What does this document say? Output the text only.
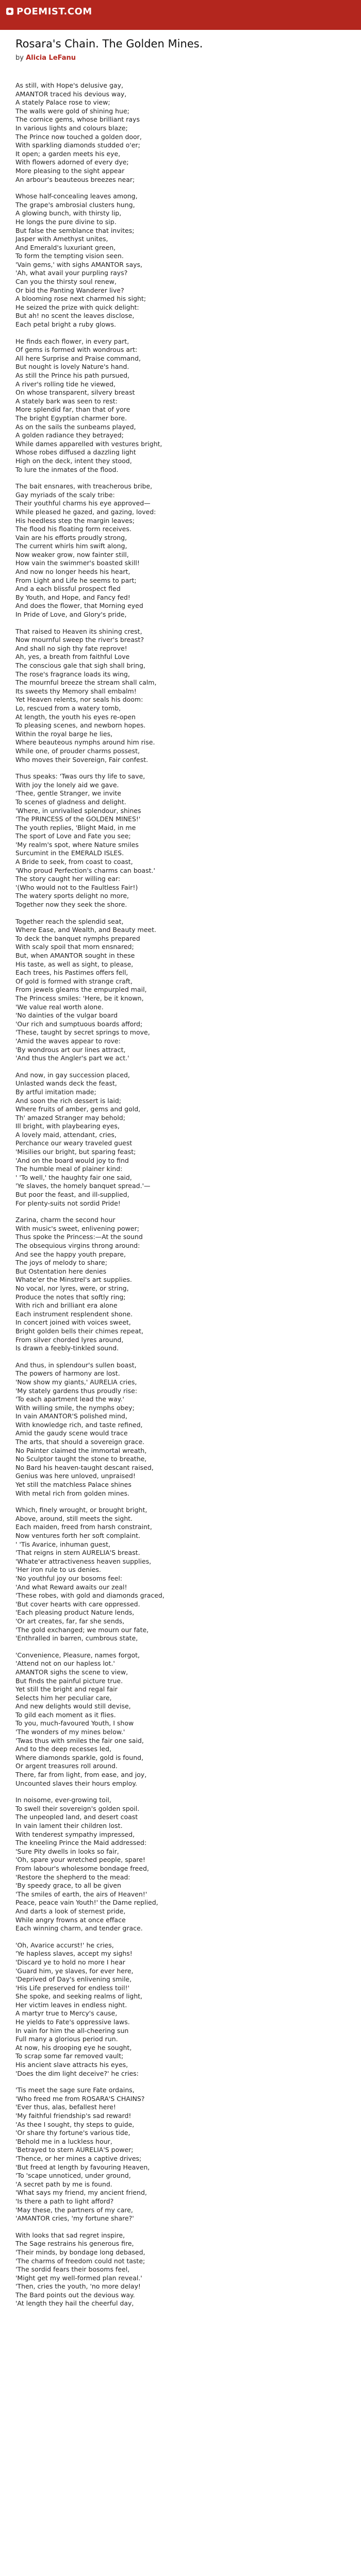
POEMIST.COM
Rosara's Chain. The Golden Mines.
by Alicia LeFanu
As still, with Hope's delusive gay,
AMANTOR traced his devious way,
A stately Palace rose to view;
The walls were gold of shining hue;
The cornice gems, whose brilliant rays
In various lights and colours blaze;
The Prince now touched a golden door,
With sparkling diamonds studded o'er;
It open; a garden meets his eye,
With flowers adorned of every dye;
More pleasing to the sight appear
An arbour's beauteous breezes near;
Whose half-concealing leaves among,
The grape's ambrosial clusters hung,
A glowing bunch, with thirsty lip,
He longs the pure divine to sip.
But false the semblance that invites;
Jasper with Amethyst unites,
And Emerald's luxuriant green,
To form the tempting vision seen.
'Vain gems,' with sighs AMANTOR says,
'Ah, what avail your purpling rays?
Can you the thirsty soul renew,
Or bid the Panting Wanderer live?
A blooming rose next charmed his sight;
He seized the prize with quick delight:
But ah! no scent the leaves disclose,
Each petal bright a ruby glows.
He finds each flower, in every part,
Of gems is formed with wondrous art:
All here Surprise and Praise command,
But nought is lovely Nature's hand.
As still the Prince his path pursued,
A river's rolling tide he viewed,
On whose transparent, silvery breast
A stately bark was seen to rest:
More splendid far, than that of yore
The bright Egyptian charmer bore.
As on the sails the sunbeams played,
A golden radiance they betrayed;
While dames apparelled with vestures bright,
Whose robes diffused a dazzling light
High on the deck, intent they stood,
To lure the inmates of the flood.
The bait ensnares, with treacherous bribe,
Gay myriads of the scaly tribe:
Their youthful charms his eye approved—
While pleased he gazed, and gazing, loved:
His heedless step the margin leaves;
The flood his floating form receives.
Vain are his efforts proudly strong,
The current whirls him swift along,
Now weaker grow, now fainter still,
How vain the swimmer's boasted skill!
And now no longer heeds his heart,
From Light and Life he seems to part;
And a each blissful prospect fled
By Youth, and Hope, and Fancy fed!
And does the flower, that Morning eyed
In Pride of Love, and Glory's pride,
That raised to Heaven its shining crest,
Now mournful sweep the river's breast?
And shall no sigh thy fate reprove!
Ah, yes, a breath from faithful Love
The conscious gale that sigh shall bring,
The rose's fragrance loads its wing,
The mournful breeze the stream shall calm,
Its sweets thy Memory shall embalm!
Yet Heaven relents, nor seals his doom:
Lo, rescued from a watery tomb,
At length, the youth his eyes re-open
To pleasing scenes, and newborn hopes.
Within the royal barge he lies,
Where beauteous nymphs around him rise.
While one, of prouder charms possest,
Who moves their Sovereign, Fair confest.
Thus speaks: 'Twas ours thy life to save,
With joy the lonely aid we gave.
'Thee, gentle Stranger, we invite
To scenes of gladness and delight.
'Where, in unrivalled splendour, shines
'The PRINCESS of the GOLDEN MINES!'
The youth replies, 'Blight Maid, in me
The sport of Love and Fate you see;
'My realm's spot, where Nature smiles
Surcumint in the EMERALD ISLES.
A Bride to seek, from coast to coast,
'Who proud Perfection's charms can boast.'
The story caught her willing ear:
'(Who would not to the Faultless Fair!)
The watery sports delight no more,
Together now they seek the shore.
Together reach the splendid seat,
Where Ease, and Wealth, and Beauty meet.
To deck the banquet nymphs prepared
With scaly spoil that morn ensnared;
But, when AMANTOR sought in these
His taste, as well as sight, to please,
Each trees, his Pastimes offers fell,
Of gold is formed with strange craft,
From jewels gleams the empurpled mail,
The Princess smiles: 'Here, be it known,
'We value real worth alone.
'No dainties of the vulgar board
'Our rich and sumptuous boards afford;
'These, taught by secret springs to move,
'Amid the waves appear to rove:
'By wondrous art our lines attract,
'And thus the Angler's part we act.'
And now, in gay succession placed,
Unlasted wands deck the feast,
By artful imitation made;
And soon the rich dessert is laid;
Where fruits of amber, gems and gold,
Th' amazed Stranger may behold;
Ill bright, with playbearing eyes,
A lovely maid, attendant, cries,
Perchance our weary traveled guest
'Misilies our bright, but sparing feast;
'And on the board would joy to find
The humble meal of plainer kind:
' 'To well,' the haughty fair one said,
'Ye slaves, the homely banquet spread.'—
But poor the feast, and ill-supplied,
For plenty-suits not sordid Pride!
Zarina, charm the second hour
With music's sweet, enlivening power;
Thus spoke the Princess:—At the sound
The obsequious virgins throng around:
And see the happy youth prepare,
The joys of melody to share;
But Ostentation here denies
Whate'er the Minstrel's art supplies.
No vocal, nor lyres, were, or string,
Produce the notes that softly ring;
With rich and brilliant era alone
Each instrument resplendent shone.
In concert joined with voices sweet,
Bright golden bells their chimes repeat,
From silver chorded lyres around,
Is drawn a feebly-tinkled sound.
And thus, in splendour's sullen boast,
The powers of harmony are lost.
'Now show my giants,' AURELIA cries,
'My stately gardens thus proudly rise:
'To each apartment lead the way.'
With willing smile, the nymphs obey;
In vain AMANTOR'S polished mind,
With knowledge rich, and taste refined,
Amid the gaudy scene would trace
The arts, that should a sovereign grace.
No Painter claimed the immortal wreath,
No Sculptor taught the stone to breathe,
No Bard his heaven-taught descant raised,
Genius was here unloved, unpraised!
Yet still the matchless Palace shines
With metal rich from golden mines.
Which, finely wrought, or brought bright,
Above, around, still meets the sight.
Each maiden, freed from harsh constraint,
Now ventures forth her soft complaint.
' 'Tis Avarice, inhuman guest,
'That reigns in stern AURELIA'S breast.
'Whate'er attractiveness heaven supplies,
'Her iron rule to us denies.
'No youthful joy our bosoms feel:
'And what Reward awaits our zeal!
'These robes, with gold and diamonds graced,
'But cover hearts with care oppressed.
'Each pleasing product Nature lends,
'Or art creates, far, far she sends,
'The gold exchanged; we mourn our fate,
'Enthralled in barren, cumbrous state,
'Convenience, Pleasure, names forgot,
'Attend not on our hapless lot.'
AMANTOR sighs the scene to view,
But finds the painful picture true.
Yet still the bright and regal fair
Selects him her peculiar care,
And new delights would still devise,
To gild each moment as it flies.
To you, much-favoured Youth, I show
'The wonders of my mines below.'
'Twas thus with smiles the fair one said,
And to the deep recesses led,
Where diamonds sparkle, gold is found,
Or argent treasures roll around.
There, far from light, from ease, and joy,
Uncounted slaves their hours employ.
In noisome, ever-growing toil,
To swell their sovereign's golden spoil.
The unpeopled land, and desert coast
In vain lament their children lost.
With tenderest sympathy impressed,
The kneeling Prince the Maid addressed:
'Sure Pity dwells in looks so fair,
'Oh, spare your wretched people, spare!
From labour's wholesome bondage freed,
'Restore the shepherd to the mead:
'By speedy grace, to all be given
'The smiles of earth, the airs of Heaven!'
Peace, peace vain Youth!' the Dame replied,
And darts a look of sternest pride,
While angry frowns at once efface
Each winning charm, and tender grace.
'Oh, Avarice accurst!' he cries,
'Ye hapless slaves, accept my sighs!
'Discard ye to hold no more I hear
'Guard him, ye slaves, for ever here,
'Deprived of Day's enlivening smile,
'His Life preserved for endless toil!'
She spoke, and seeking realms of light,
Her victim leaves in endless night.
A martyr true to Mercy's cause,
He yields to Fate's oppressive laws.
In vain for him the all-cheering sun
Full many a glorious period run.
At now, his drooping eye he sought,
To scrap some far removed vault;
His ancient slave attracts his eyes,
'Does the dim light deceive?' he cries:
'Tis meet the sage sure Fate ordains,
'Who freed me from ROSARA'S CHAINS?
'Ever thus, alas, befallest here!
'My faithful friendship's sad reward!
'As thee I sought, thy steps to guide,
'Or share thy fortune's various tide,
'Behold me in a luckless hour,
'Betrayed to stern AURELIA'S power;
'Thence, or her mines a captive drives;
'But freed at length by favouring Heaven,
'To 'scape unnoticed, under ground,
'A secret path by me is found.
'What says my friend, my ancient friend,
'Is there a path to light afford?
'May these, the partners of my care,
'AMANTOR cries, 'my fortune share?'
With looks that sad regret inspire,
The Sage restrains his generous fire,
'Their minds, by bondage long debased,
'The charms of freedom could not taste;
'The sordid fears their bosoms feel,
'Might get my well-formed plan reveal.'
'Then, cries the youth, 'no more delay!
The Bard points out the devious way.
'At length they hail the cheerful day,
